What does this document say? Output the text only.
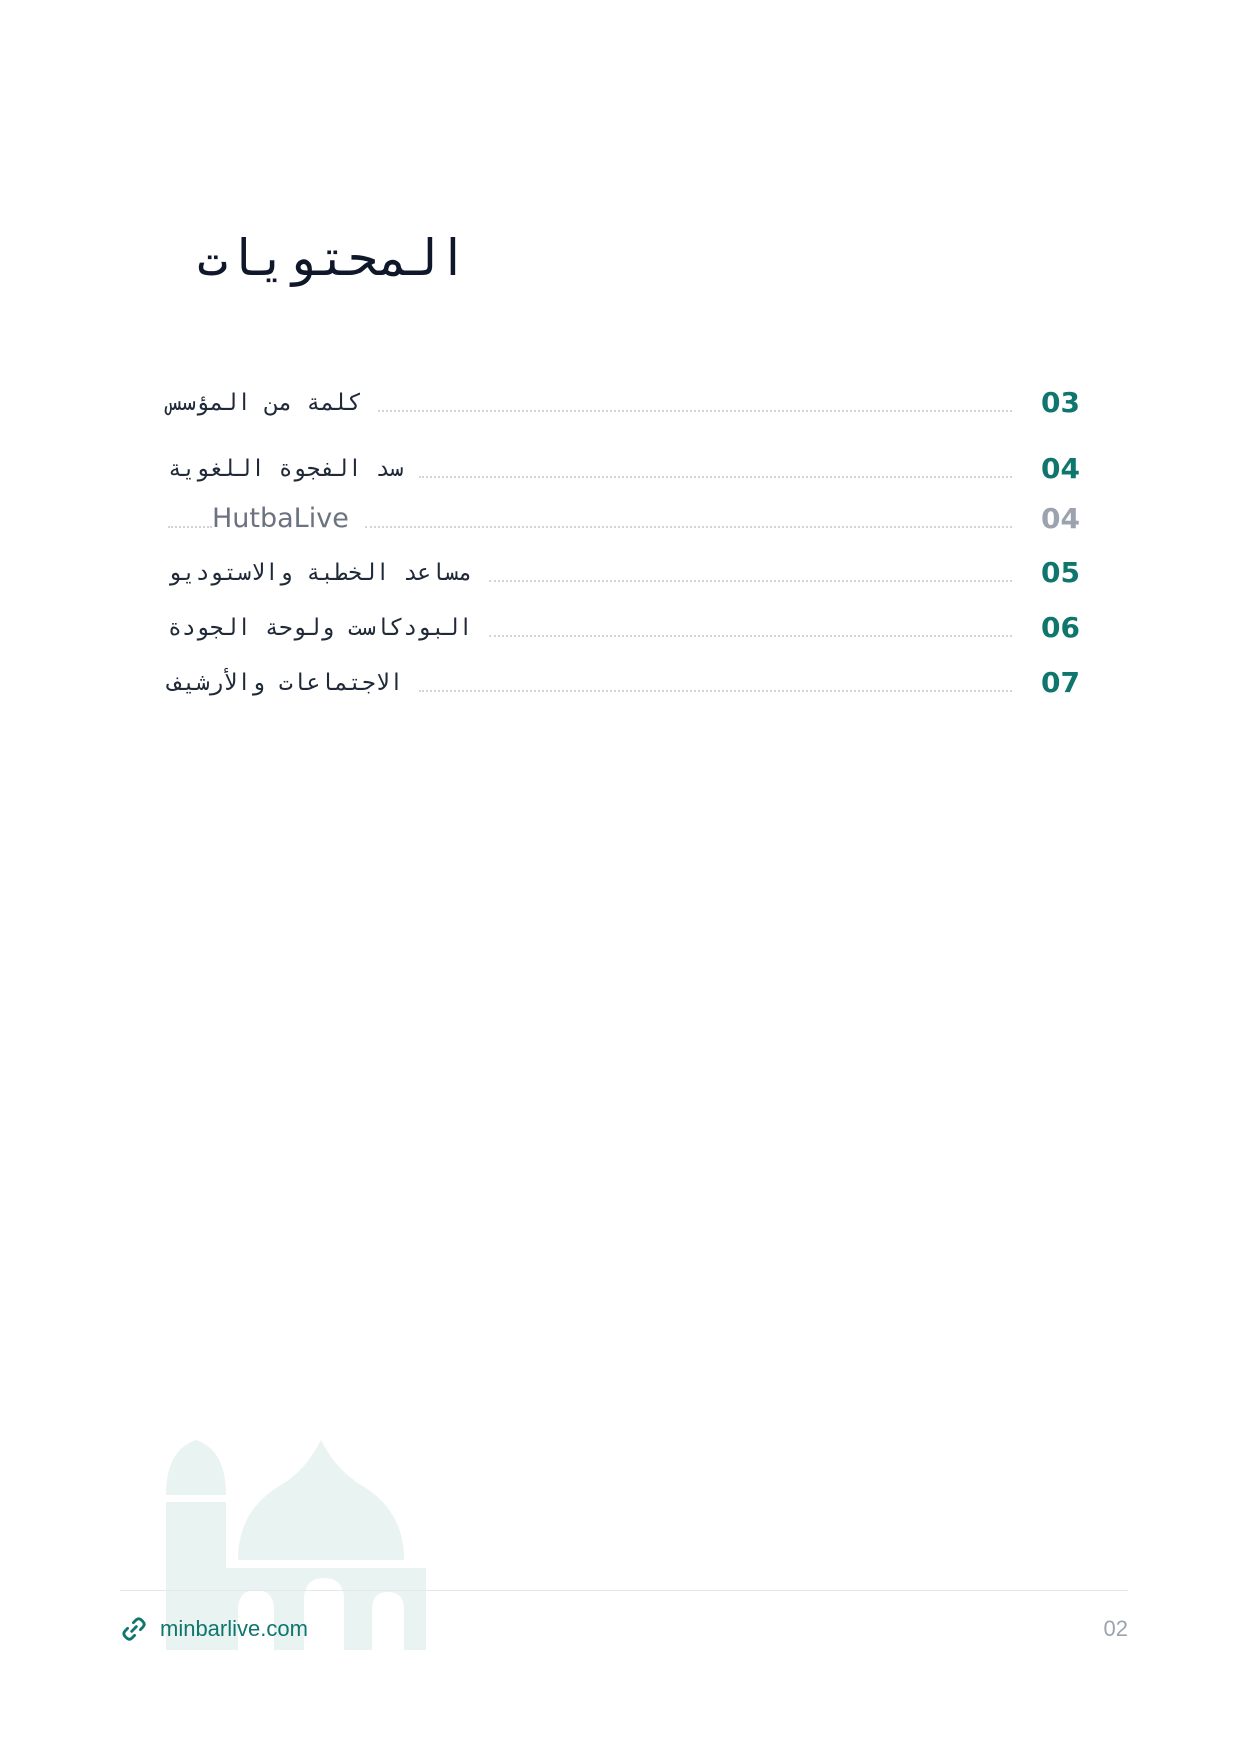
المحتويات
03
كلمة من المؤسس
04
سد الفجوة اللغوية
04
HutbaLive
05
مساعد الخطبة والاستوديو
06
البودكاست ولوحة الجودة
07
الاجتماعات والأرشيف
minbarlive.com	02
